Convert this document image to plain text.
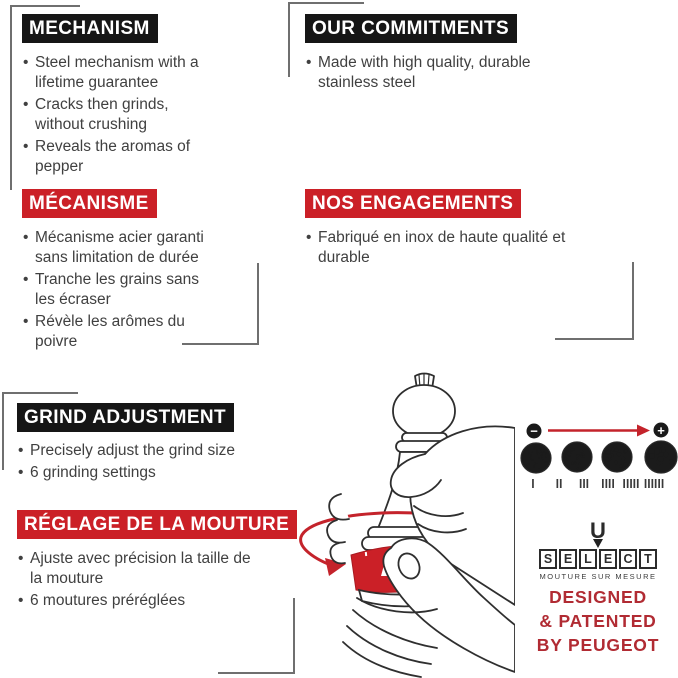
MECHANISM
• Steel mechanism with a lifetime guarantee
• Cracks then grinds, without crushing
• Reveals the aromas of pepper
MÉCANISME
• Mécanisme acier garanti sans limitation de durée
• Tranche les grains sans les écraser
• Révèle les arômes du poivre
OUR COMMITMENTS
• Made with high quality, durable stainless steel
NOS ENGAGEMENTS
• Fabriqué en inox de haute qualité et durable
GRIND ADJUSTMENT
• Precisely adjust the grind size
• 6 grinding settings
RÉGLAGE DE LA MOUTURE
• Ajuste avec précision la taille de la mouture
• 6 moutures préréglées
−	+
U
S E L E C T
MOUTURE SUR MESURE
DESIGNED
& PATENTED
BY PEUGEOT
